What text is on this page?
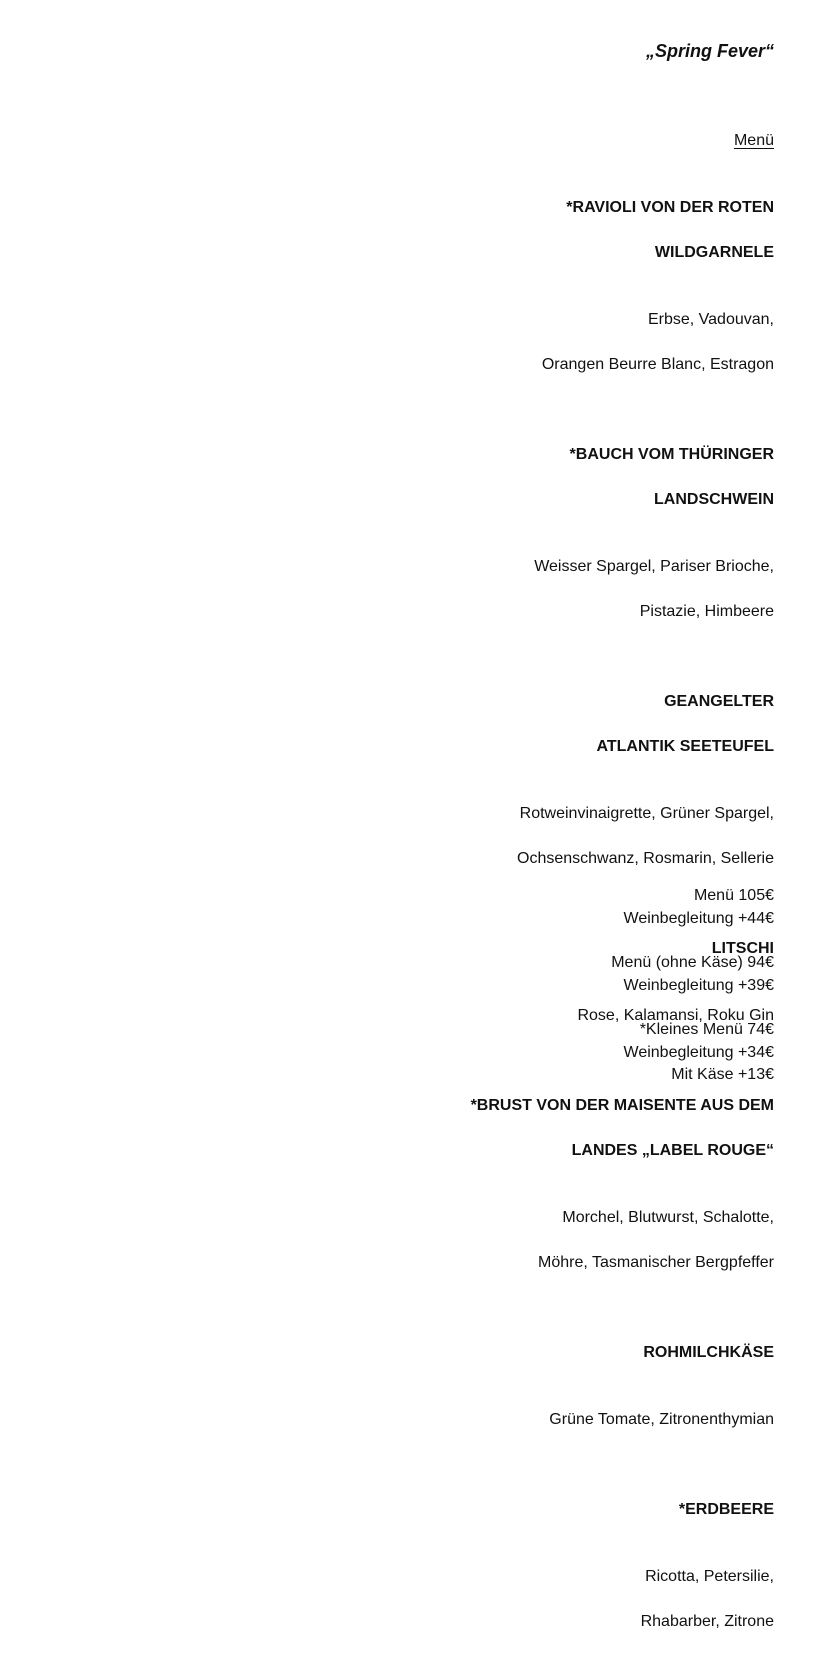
„Spring Fever“
Menü

*RAVIOLI VON DER ROTEN

WILDGARNELE

Erbse, Vadouvan,

Orangen Beurre Blanc, Estragon

*BAUCH VOM THÜRINGER

LANDSCHWEIN

Weisser Spargel, Pariser Brioche,

Pistazie, Himbeere

GEANGELTER

ATLANTIK SEETEUFEL

Rotweinvinaigrette, Grüner Spargel,

Ochsenschwanz, Rosmarin, Sellerie

LITSCHI

Rose, Kalamansi, Roku Gin

*BRUST VON DER MAISENTE AUS DEM

LANDES „LABEL ROUGE“

Morchel, Blutwurst, Schalotte,

Möhre, Tasmanischer Bergpfeffer

ROHMILCHKÄSE

Grüne Tomate, Zitronenthymian

*ERDBEERE

Ricotta, Petersilie,

Rhabarber, Zitrone

Menü 105€
Weinbegleitung +44€
Menü (ohne Käse) 94€
Weinbegleitung +39€
*Kleines Menü 74€
Weinbegleitung +34€
Mit Käse +13€
